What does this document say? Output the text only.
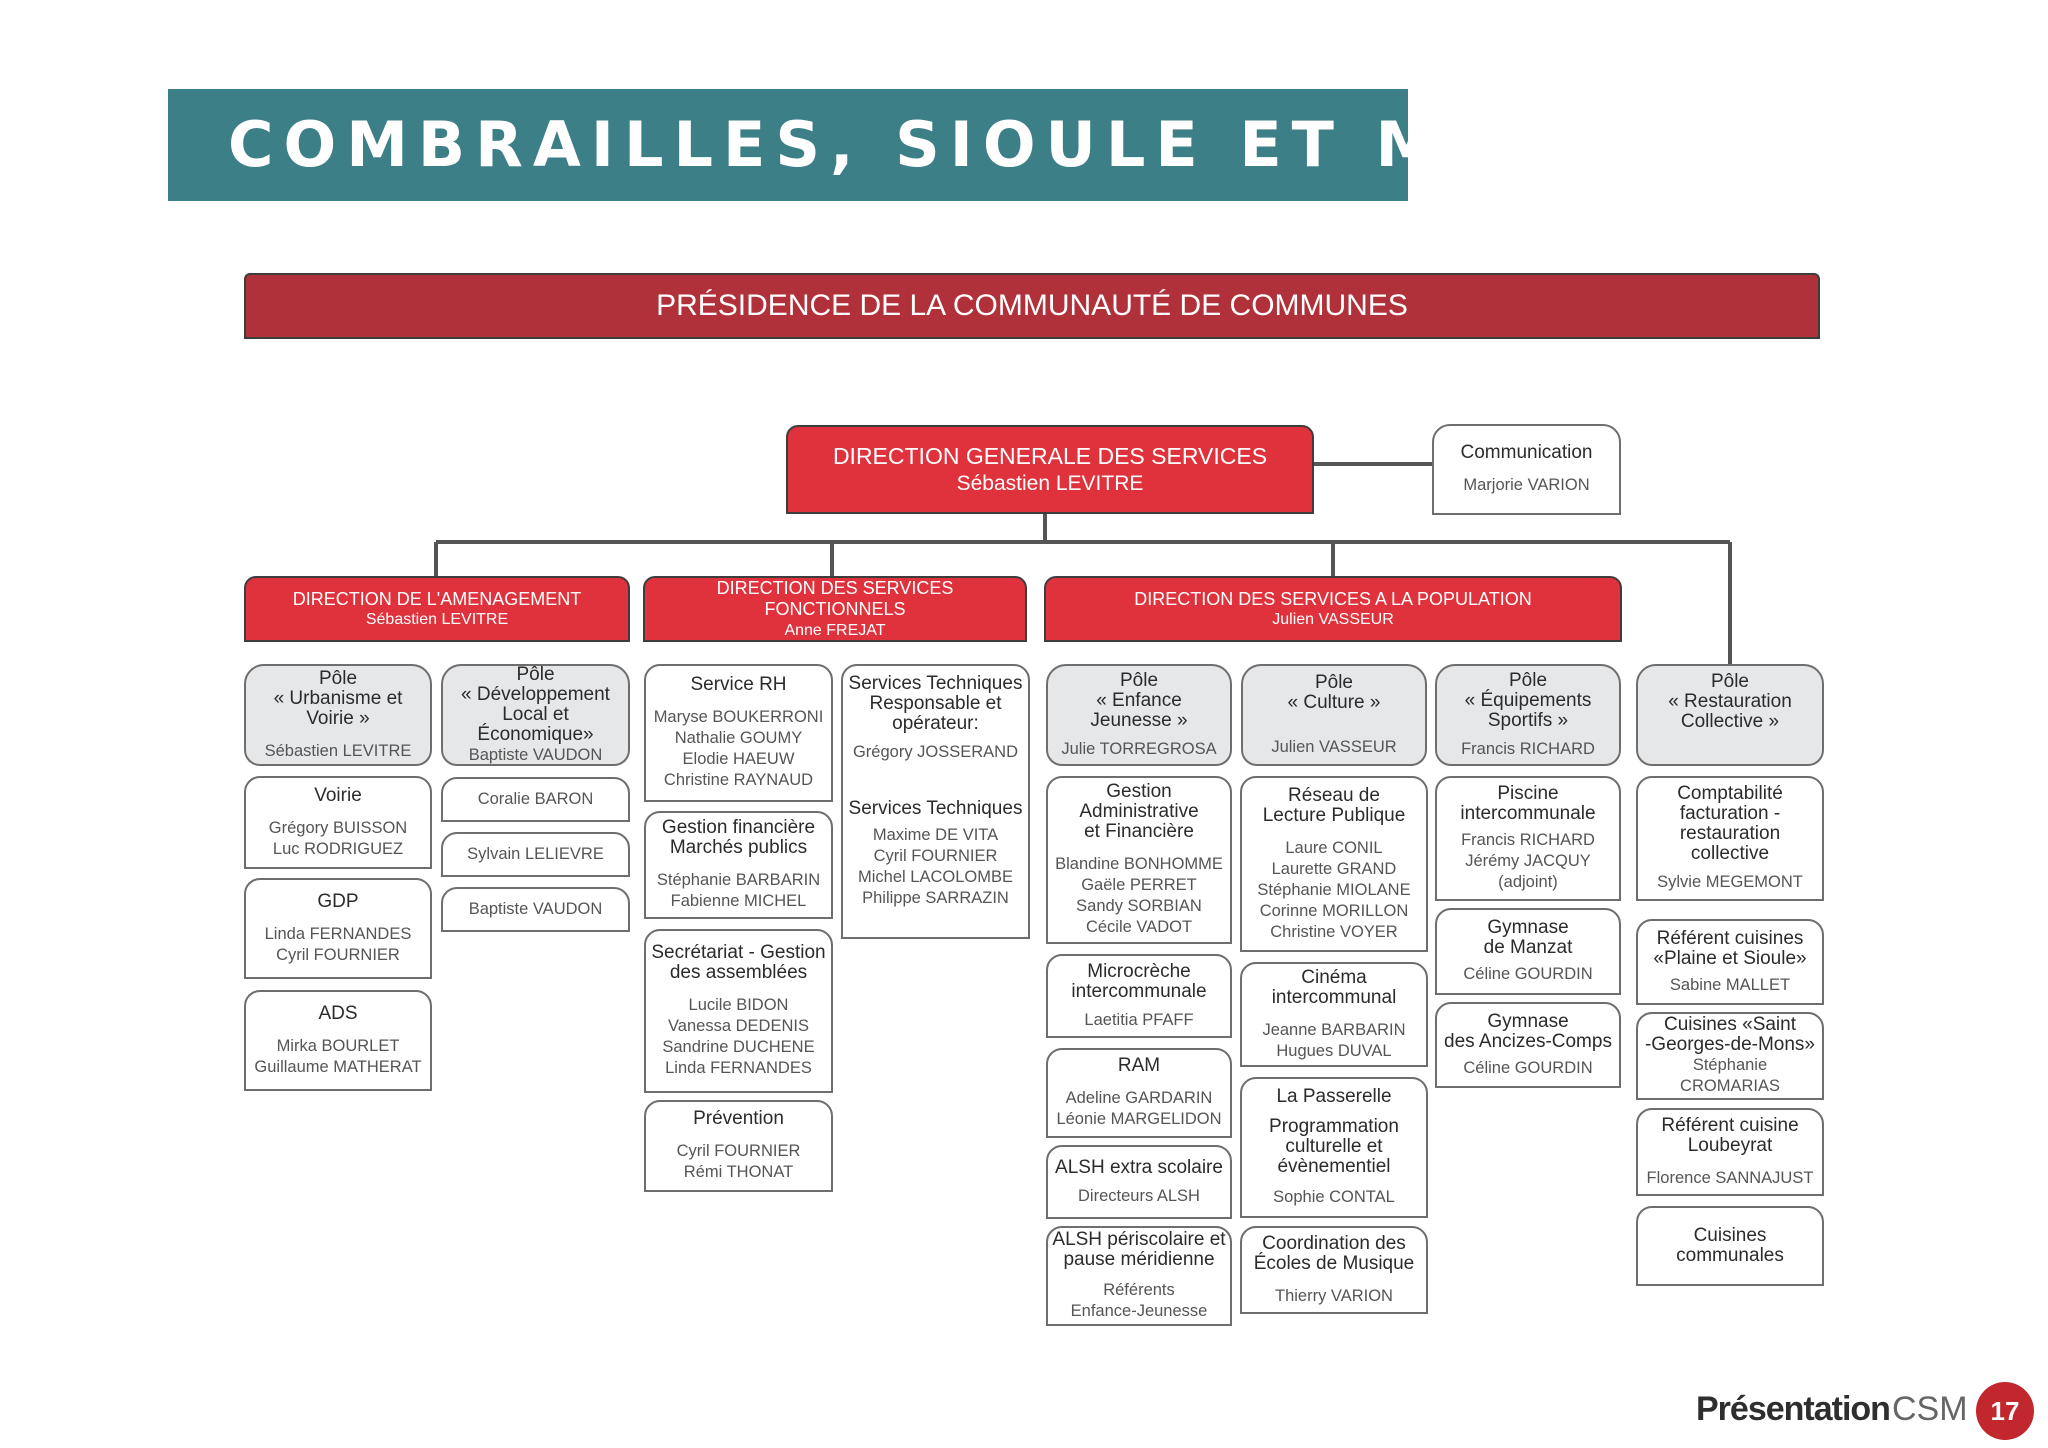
COMBRAILLES, SIOULE ET MORGE
PRÉSIDENCE DE LA COMMUNAUTÉ DE COMMUNES
DIRECTION GENERALE DES SERVICES
Sébastien LEVITRE
Communication
Marjorie VARION
DIRECTION DE L'AMENAGEMENT
Sébastien LEVITRE
DIRECTION DES SERVICES FONCTIONNELS
Anne FREJAT
DIRECTION DES SERVICES A LA POPULATION
Julien VASSEUR
Pôle
« Urbanisme et
Voirie »
Sébastien LEVITRE
Voirie
Grégory BUISSON
Luc RODRIGUEZ
GDP
Linda FERNANDES
Cyril FOURNIER
ADS
Mirka BOURLET
Guillaume MATHERAT
Pôle
« Développement
Local et Économique»
Baptiste VAUDON
Coralie BARON
Sylvain LELIEVRE
Baptiste VAUDON
Service RH
Maryse BOUKERRONI
Nathalie GOUMY
Elodie HAEUW
Christine RAYNAUD
Gestion financière
Marchés publics
Stéphanie BARBARIN
Fabienne MICHEL
Secrétariat - Gestion
des assemblées
Lucile BIDON
Vanessa DEDENIS
Sandrine DUCHENE
Linda FERNANDES
Prévention
Cyril FOURNIER
Rémi THONAT
Services Techniques
Responsable et
opérateur:
Grégory JOSSERAND
Services Techniques
Maxime DE VITA
Cyril FOURNIER
Michel LACOLOMBE
Philippe SARRAZIN
Pôle
« Enfance
Jeunesse »
Julie TORREGROSA
Gestion
Administrative
et Financière
Blandine BONHOMME
Gaële PERRET
Sandy SORBIAN
Cécile VADOT
Microcrèche
intercommunale
Laetitia PFAFF
RAM
Adeline GARDARIN
Léonie MARGELIDON
ALSH extra scolaire
Directeurs ALSH
ALSH périscolaire et
pause méridienne
Référents
Enfance-Jeunesse
Pôle
« Culture »
Julien VASSEUR
Réseau de
Lecture Publique
Laure CONIL
Laurette GRAND
Stéphanie MIOLANE
Corinne MORILLON
Christine VOYER
Cinéma
intercommunal
Jeanne BARBARIN
Hugues DUVAL
La Passerelle
Programmation
culturelle et
évènementiel
Sophie CONTAL
Coordination des
Écoles de Musique
Thierry VARION
Pôle
« Équipements
Sportifs »
Francis RICHARD
Piscine
intercommunale
Francis RICHARD
Jérémy JACQUY
(adjoint)
Gymnase
de Manzat
Céline GOURDIN
Gymnase
des Ancizes-Comps
Céline GOURDIN
Pôle
« Restauration
Collective »
Comptabilité
facturation -
restauration
collective
Sylvie MEGEMONT
Référent cuisines
«Plaine et Sioule»
Sabine MALLET
Cuisines «Saint
-Georges-de-Mons»
Stéphanie CROMARIAS
Référent cuisine
Loubeyrat
Florence SANNAJUST
Cuisines
communales
Présentation CSM 17
